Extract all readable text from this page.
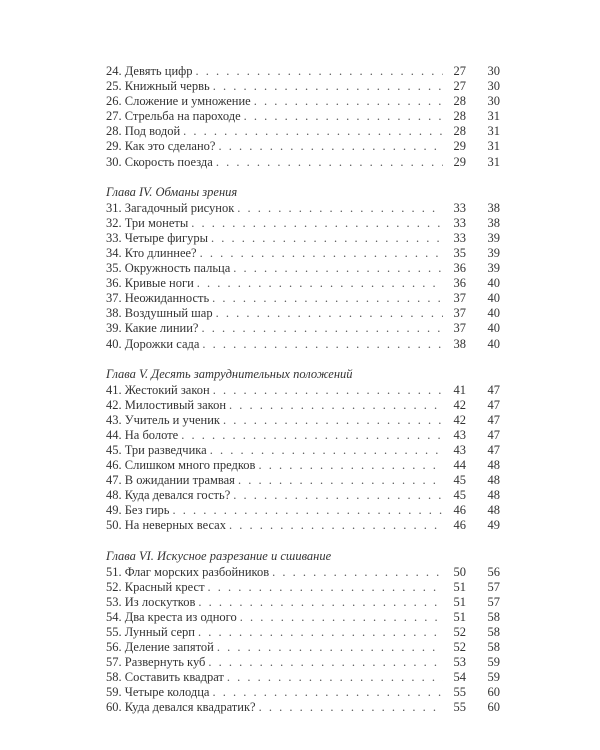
24. Девять цифр . . .	27	30
25. Книжный червь . . .	27	30
26. Сложение и умножение . . .	28	30
27. Стрельба на пароходе . . .	28	31
28. Под водой . . .	28	31
29. Как это сделано? . . .	29	31
30. Скорость поезда . . .	29	31
Глава IV. Обманы зрения
31. Загадочный рисунок . . .	33	38
32. Три монеты . . .	33	38
33. Четыре фигуры . . .	33	39
34. Кто длиннее? . . .	35	39
35. Окружность пальца . . .	36	39
36. Кривые ноги . . .	36	40
37. Неожиданность . . .	37	40
38. Воздушный шар . . .	37	40
39. Какие линии? . . .	37	40
40. Дорожки сада . . .	38	40
Глава V. Десять затруднительных положений
41. Жестокий закон . . .	41	47
42. Милостивый закон . . .	42	47
43. Учитель и ученик . . .	42	47
44. На болоте . . .	43	47
45. Три разведчика . . .	43	47
46. Слишком много предков . . .	44	48
47. В ожидании трамвая . . .	45	48
48. Куда девался гость? . . .	45	48
49. Без гирь . . .	46	48
50. На неверных весах . . .	46	49
Глава VI. Искусное разрезание и сшивание
51. Флаг морских разбойников . . .	50	56
52. Красный крест . . .	51	57
53. Из лоскутков . . .	51	57
54. Два креста из одного . . .	51	58
55. Лунный серп . . .	52	58
56. Деление запятой . . .	52	58
57. Развернуть куб . . .	53	59
58. Составить квадрат . . .	54	59
59. Четыре колодца . . .	55	60
60. Куда девался квадратик? . . .	55	60
